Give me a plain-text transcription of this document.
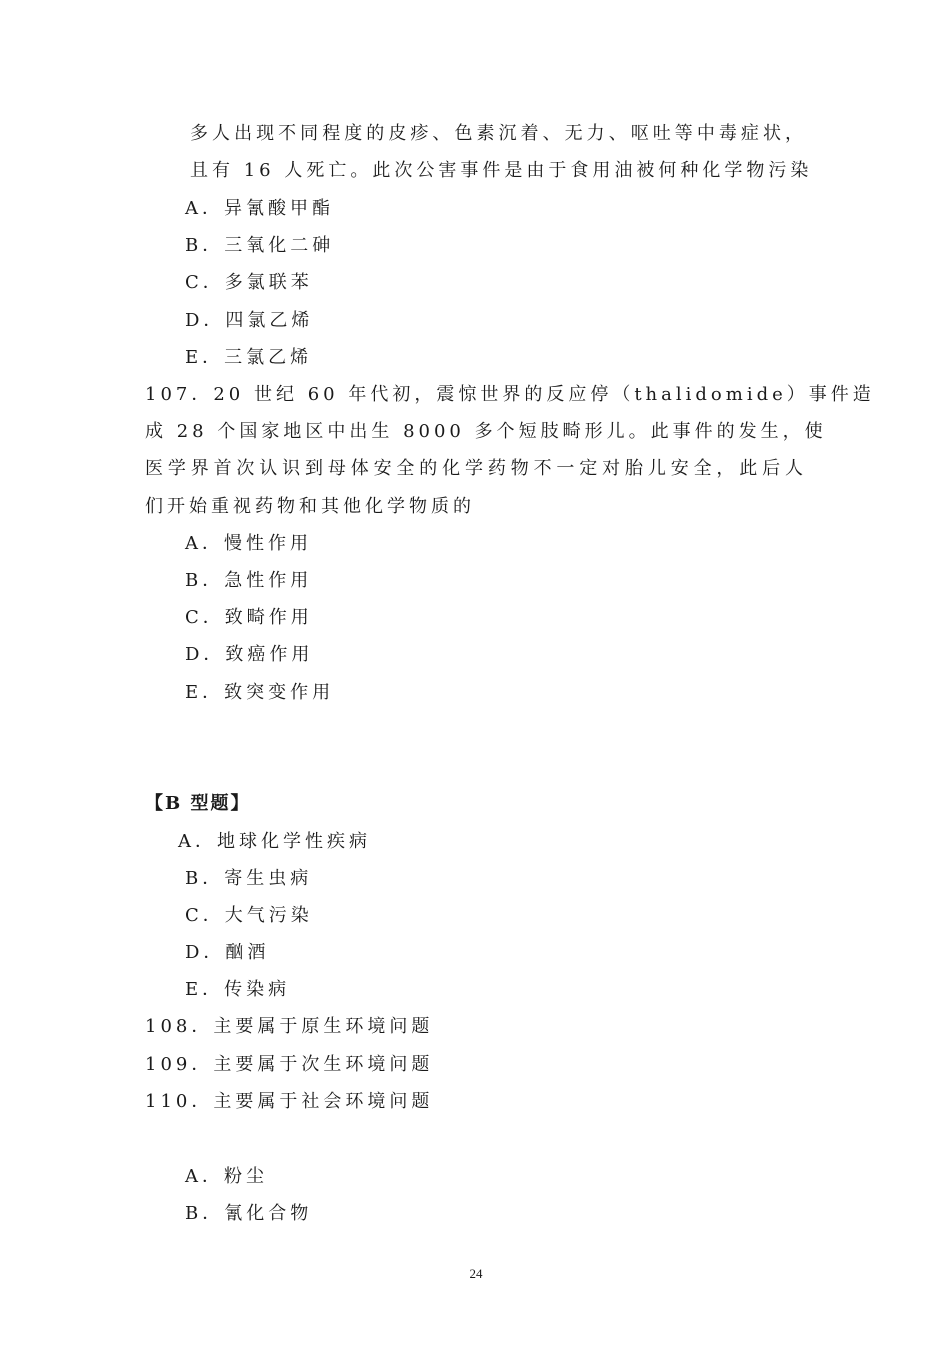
多人出现不同程度的皮疹、色素沉着、无力、呕吐等中毒症状，
且有 16 人死亡。此次公害事件是由于食用油被何种化学物污染
A．异氰酸甲酯
B．三氧化二砷
C．多氯联苯
D．四氯乙烯
E．三氯乙烯
107．20 世纪 60 年代初，震惊世界的反应停（thalidomide）事件造
成 28 个国家地区中出生 8000 多个短肢畸形儿。此事件的发生，使
医学界首次认识到母体安全的化学药物不一定对胎儿安全，此后人
们开始重视药物和其他化学物质的
A．慢性作用
B．急性作用
C．致畸作用
D．致癌作用
E．致突变作用
【B 型题】
A．地球化学性疾病
B．寄生虫病
C．大气污染
D．酗酒
E．传染病
108．主要属于原生环境问题
109．主要属于次生环境问题
110．主要属于社会环境问题
A．粉尘
B．氰化合物
24
